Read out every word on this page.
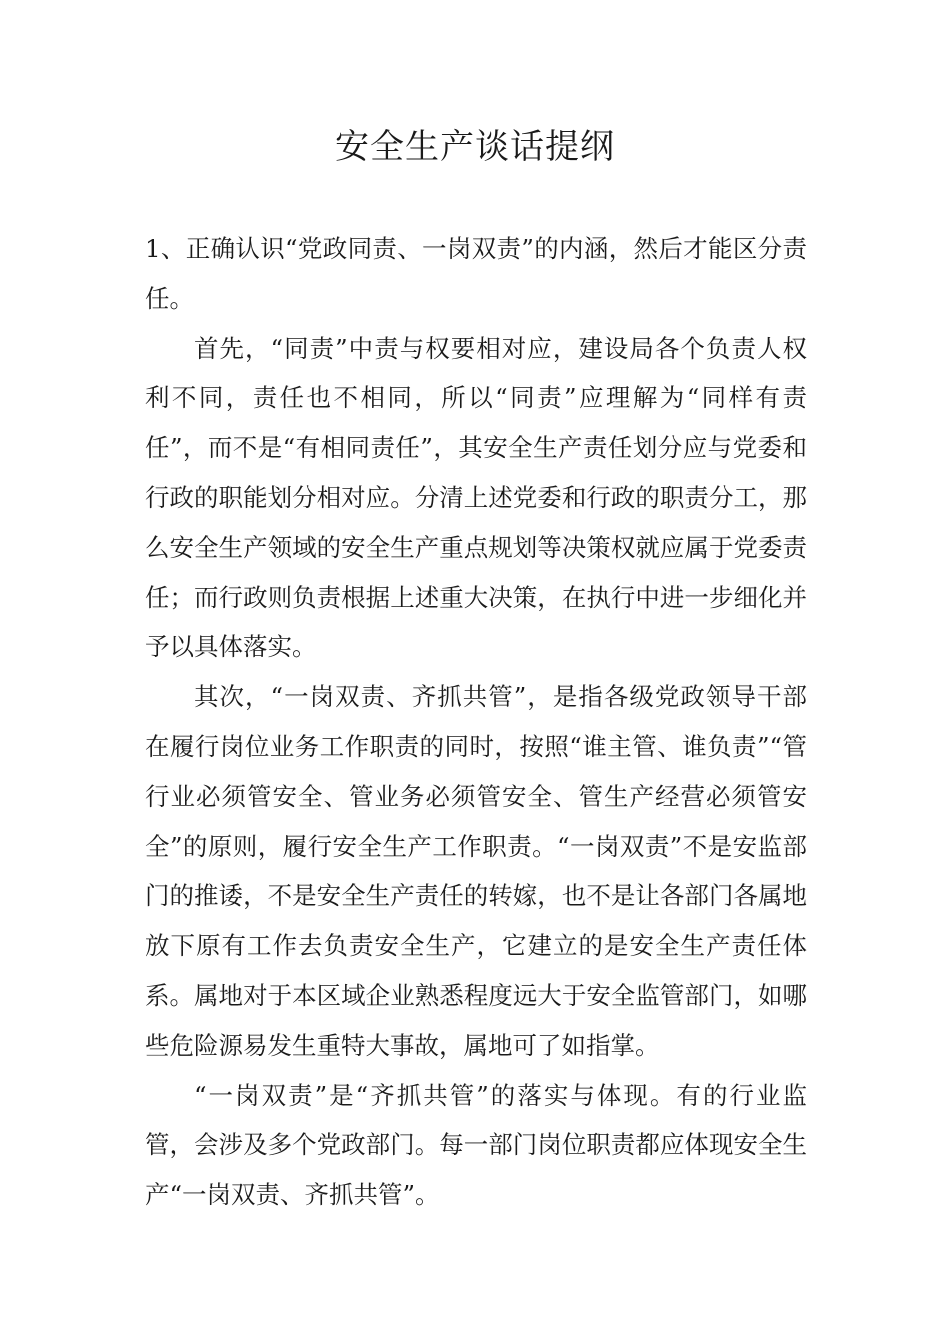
安全生产谈话提纲

1、正确认识“党政同责、一岗双责”的内涵，然后才能区分责任。

首先，“同责”中责与权要相对应，建设局各个负责人权利不同，责任也不相同，所以“同责”应理解为“同样有责任”，而不是“有相同责任”，其安全生产责任划分应与党委和行政的职能划分相对应。分清上述党委和行政的职责分工，那么安全生产领域的安全生产重点规划等决策权就应属于党委责任；而行政则负责根据上述重大决策，在执行中进一步细化并予以具体落实。

其次，“一岗双责、齐抓共管”，是指各级党政领导干部在履行岗位业务工作职责的同时，按照“谁主管、谁负责”“管行业必须管安全、管业务必须管安全、管生产经营必须管安全”的原则，履行安全生产工作职责。“一岗双责”不是安监部门的推诿，不是安全生产责任的转嫁，也不是让各部门各属地放下原有工作去负责安全生产，它建立的是安全生产责任体系。属地对于本区域企业熟悉程度远大于安全监管部门，如哪些危险源易发生重特大事故，属地可了如指掌。

“一岗双责”是“齐抓共管”的落实与体现。有的行业监管，会涉及多个党政部门。每一部门岗位职责都应体现安全生产“一岗双责、齐抓共管”。
